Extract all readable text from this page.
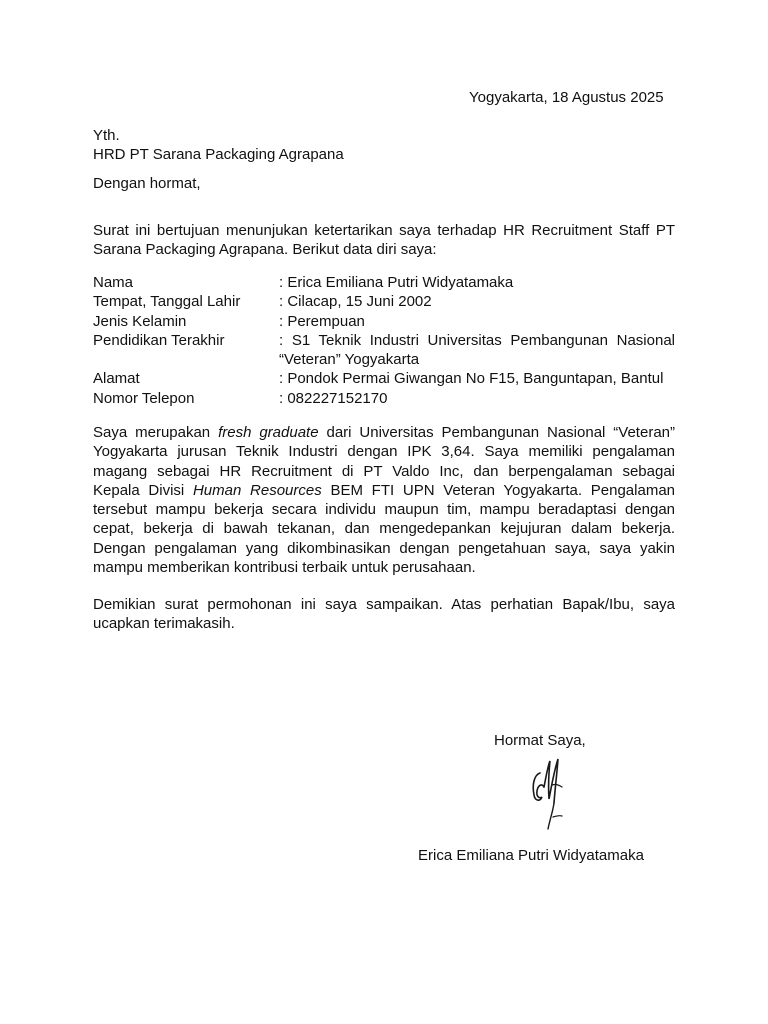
Yogyakarta, 18 Agustus 2025
Yth.
HRD PT Sarana Packaging Agrapana
Dengan hormat,
Surat ini bertujuan menunjukan ketertarikan saya terhadap HR Recruitment Staff PT
Sarana Packaging Agrapana. Berikut data diri saya:
Nama	: Erica Emiliana Putri Widyatamaka
Tempat, Tanggal Lahir	: Cilacap, 15 Juni 2002
Jenis Kelamin	: Perempuan
Pendidikan Terakhir	: S1 Teknik Industri Universitas Pembangunan Nasional
“Veteran” Yogyakarta
Alamat	: Pondok Permai Giwangan No F15, Banguntapan, Bantul
Nomor Telepon	: 082227152170
Saya merupakan fresh graduate dari Universitas Pembangunan Nasional “Veteran”
Yogyakarta jurusan Teknik Industri dengan IPK 3,64. Saya memiliki pengalaman
magang sebagai HR Recruitment di PT Valdo Inc, dan berpengalaman sebagai
Kepala Divisi Human Resources BEM FTI UPN Veteran Yogyakarta. Pengalaman
tersebut mampu bekerja secara individu maupun tim, mampu beradaptasi dengan
cepat, bekerja di bawah tekanan, dan mengedepankan kejujuran dalam bekerja.
Dengan pengalaman yang dikombinasikan dengan pengetahuan saya, saya yakin
mampu memberikan kontribusi terbaik untuk perusahaan.
Demikian surat permohonan ini saya sampaikan. Atas perhatian Bapak/Ibu, saya
ucapkan terimakasih.
Hormat Saya,
Erica Emiliana Putri Widyatamaka
